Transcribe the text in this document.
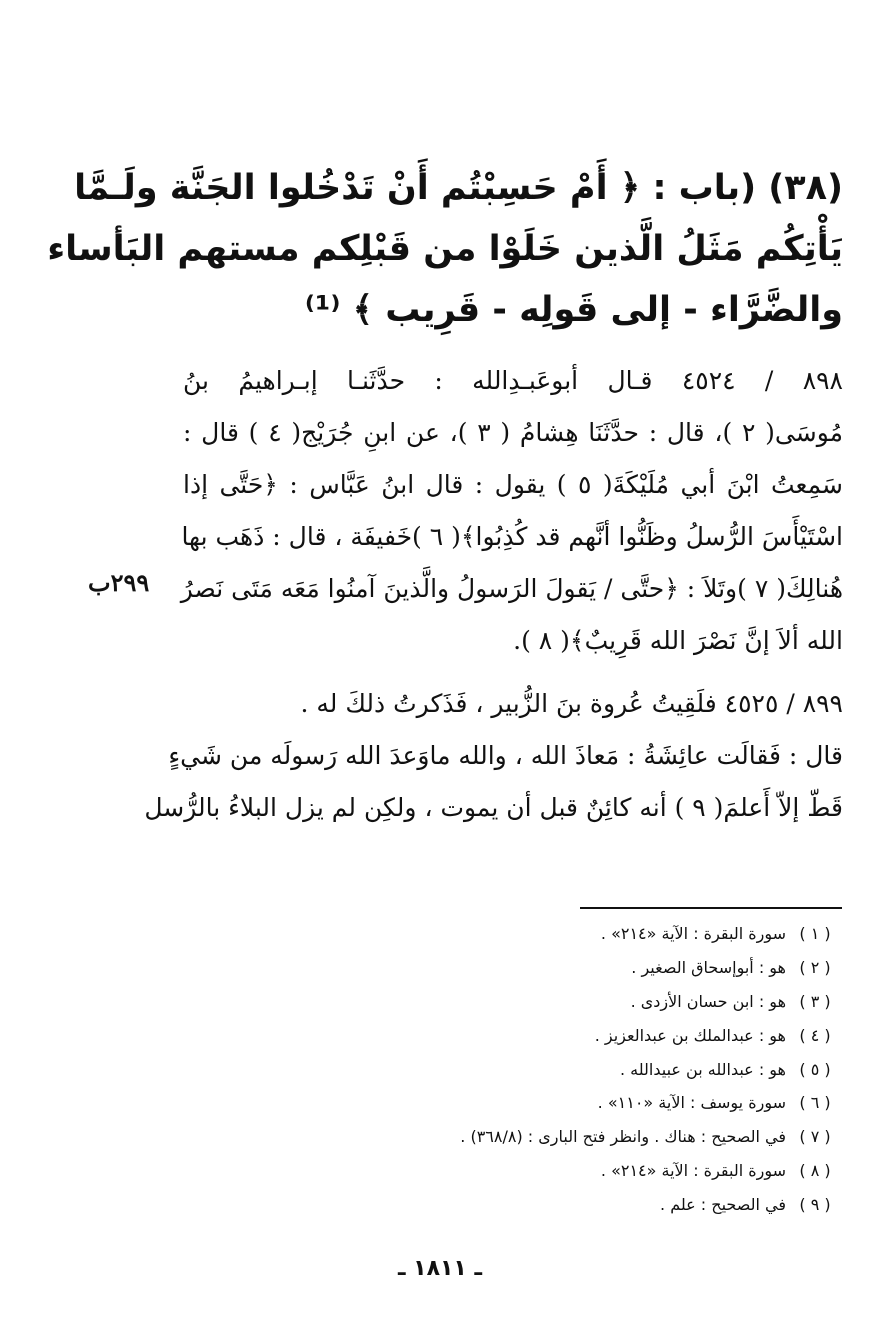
(٣٨) (باب : ﴿ أَمْ حَسِبْتُم أَنْ تَدْخُلوا الجَنَّة ولَـمَّا
يَأْتِكُم مَثَلُ الَّذين خَلَوْا من قَبْلِكم مستهم البَأساء
والضَّرَّاء - إلى قَولِه - قَرِيب ﴾ ⁽¹⁾
٨٩٨ / ٤٥٢٤ قـال أبوعَبـدِالله : حدَّثَنـا إبـراهيمُ بنُ
مُوسَى( ٢ )، قال : حدَّثَنَا هِشامُ ( ٣ )، عن ابنِ جُرَيْج( ٤ ) قال :
سَمِعتُ ابْنَ أبي مُلَيْكَةَ( ٥ ) يقول : قال ابنُ عَبَّاس : ﴿حَتَّى إذا
اسْتَيْأَسَ الرُّسلُ وظَنُّوا أنَّهم قد كُذِبُوا﴾( ٦ )خَفيفَة ، قال : ذَهَب بها
هُنالِكَ( ٧ )وتَلاَ : ﴿حتَّى / يَقولَ الرَسولُ والَّذينَ آمنُوا مَعَه مَتَى نَصرُ
الله ألاَ إنَّ نَصْرَ الله قَرِيبٌ﴾( ٨ ).
٢٩٩ب
٨٩٩ / ٤٥٢٥ فلَقِيتُ عُروة بنَ الزُّبير ، فَذَكرتُ ذلكَ له .
قال : فَقالَت عائِشَةُ : مَعاذَ الله ، والله ماوَعدَ الله رَسولَه من شَيءٍ
قَطّ إلاّ أَعلمَ( ٩ ) أنه كائِنٌ قبل أن يموت ، ولكِن لم يزل البلاءُ بالرُّسل
( ١ )
سورة البقرة : الآية «٢١٤» .
( ٢ )
هو : أبوإسحاق الصغير .
( ٣ )
هو : ابن حسان الأزدى .
( ٤ )
هو : عبدالملك بن عبدالعزيز .
( ٥ )
هو : عبدالله بن عبيدالله .
( ٦ )
سورة يوسف : الآية «١١٠» .
( ٧ )
في الصحيح : هناك . وانظر فتح البارى : (٣٦٨/٨) .
( ٨ )
سورة البقرة : الآية «٢١٤» .
( ٩ )
في الصحيح : علم .
ـ ١٨١١ ـ
